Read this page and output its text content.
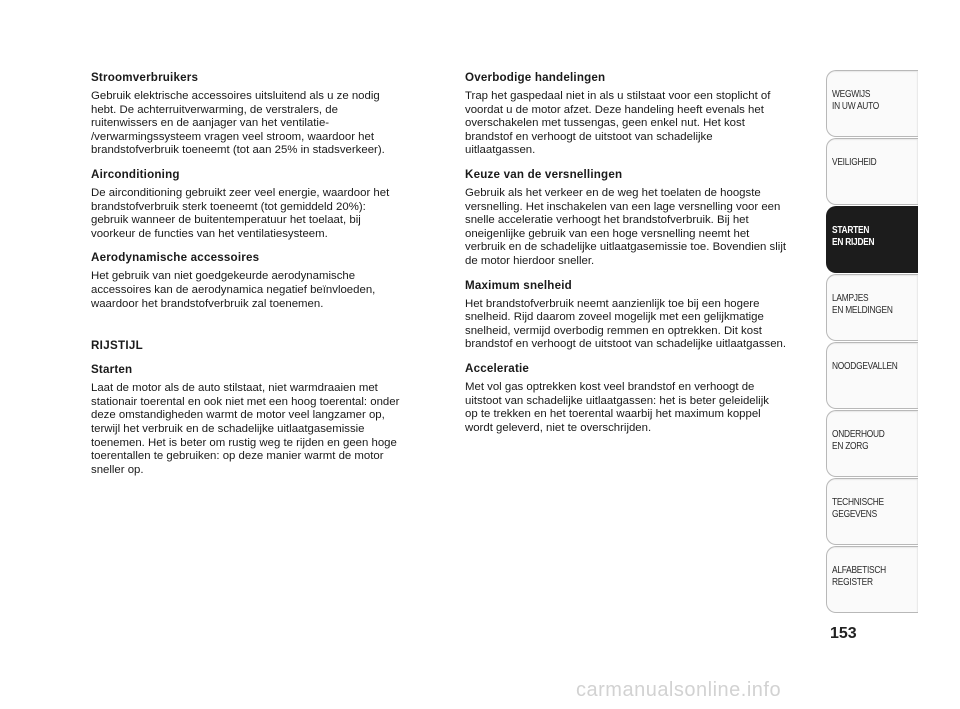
Stroomverbruikers
Gebruik elektrische accessoires uitsluitend als u ze nodig
hebt. De achterruitverwarming, de verstralers, de
ruitenwissers en de aanjager van het ventilatie-
/verwarmingssysteem vragen veel stroom, waardoor het
brandstofverbruik toeneemt (tot aan 25% in stadsverkeer).
Airconditioning
De airconditioning gebruikt zeer veel energie, waardoor het
brandstofverbruik sterk toeneemt (tot gemiddeld 20%):
gebruik wanneer de buitentemperatuur het toelaat, bij
voorkeur de functies van het ventilatiesysteem.
Aerodynamische accessoires
Het gebruik van niet goedgekeurde aerodynamische
accessoires kan de aerodynamica negatief beïnvloeden,
waardoor het brandstofverbruik zal toenemen.
RIJSTIJL
Starten
Laat de motor als de auto stilstaat, niet warmdraaien met
stationair toerental en ook niet met een hoog toerental: onder
deze omstandigheden warmt de motor veel langzamer op,
terwijl het verbruik en de schadelijke uitlaatgasemissie
toenemen. Het is beter om rustig weg te rijden en geen hoge
toerentallen te gebruiken: op deze manier warmt de motor
sneller op.
Overbodige handelingen
Trap het gaspedaal niet in als u stilstaat voor een stoplicht of
voordat u de motor afzet. Deze handeling heeft evenals het
overschakelen met tussengas, geen enkel nut. Het kost
brandstof en verhoogt de uitstoot van schadelijke
uitlaatgassen.
Keuze van de versnellingen
Gebruik als het verkeer en de weg het toelaten de hoogste
versnelling. Het inschakelen van een lage versnelling voor een
snelle acceleratie verhoogt het brandstofverbruik. Bij het
oneigenlijke gebruik van een hoge versnelling neemt het
verbruik en de schadelijke uitlaatgasemissie toe. Bovendien slijt
de motor hierdoor sneller.
Maximum snelheid
Het brandstofverbruik neemt aanzienlijk toe bij een hogere
snelheid. Rijd daarom zoveel mogelijk met een gelijkmatige
snelheid, vermijd overbodig remmen en optrekken. Dit kost
brandstof en verhoogt de uitstoot van schadelijke uitlaatgassen.
Acceleratie
Met vol gas optrekken kost veel brandstof en verhoogt de
uitstoot van schadelijke uitlaatgassen: het is beter geleidelijk
op te trekken en het toerental waarbij het maximum koppel
wordt geleverd, niet te overschrijden.
WEGWIJS
IN UW AUTO
VEILIGHEID
STARTEN
EN RIJDEN
LAMPJES
EN MELDINGEN
NOODGEVALLEN
ONDERHOUD
EN ZORG
TECHNISCHE
GEGEVENS
ALFABETISCH
REGISTER
153
carmanualsonline.info
